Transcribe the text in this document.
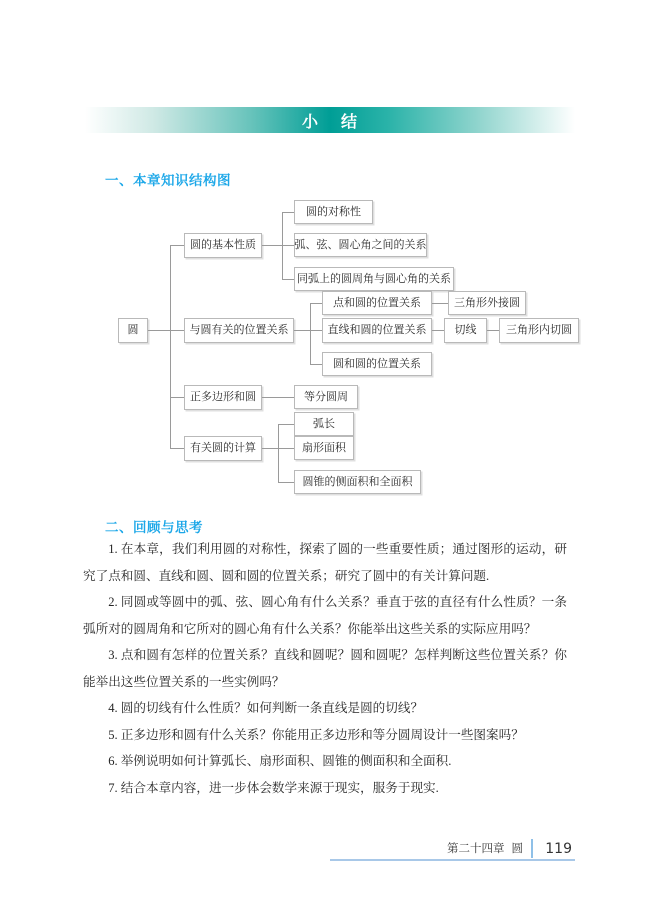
小 结
一、本章知识结构图
圆
圆的基本性质
与圆有关的位置关系
正多边形和圆
有关圆的计算
圆的对称性
弧、弦、圆心角之间的关系
同弧上的圆周角与圆心角的关系
点和圆的位置关系
直线和圆的位置关系
圆和圆的位置关系
三角形外接圆
切线	三角形内切圆
等分圆周
弧长
扇形面积
圆锥的侧面积和全面积
二、回顾与思考

1. 在本章，我们利用圆的对称性，探索了圆的一些重要性质；通过图形的运动，研究了点和圆、直线和圆、圆和圆的位置关系；研究了圆中的有关计算问题.

2. 同圆或等圆中的弧、弦、圆心角有什么关系？垂直于弦的直径有什么性质？一条弧所对的圆周角和它所对的圆心角有什么关系？你能举出这些关系的实际应用吗？

3. 点和圆有怎样的位置关系？直线和圆呢？圆和圆呢？怎样判断这些位置关系？你能举出这些位置关系的一些实例吗？

4. 圆的切线有什么性质？如何判断一条直线是圆的切线？

5. 正多边形和圆有什么关系？你能用正多边形和等分圆周设计一些图案吗？

6. 举例说明如何计算弧长、扇形面积、圆锥的侧面积和全面积.

7. 结合本章内容，进一步体会数学来源于现实，服务于现实.

第二十四章 圆 119
